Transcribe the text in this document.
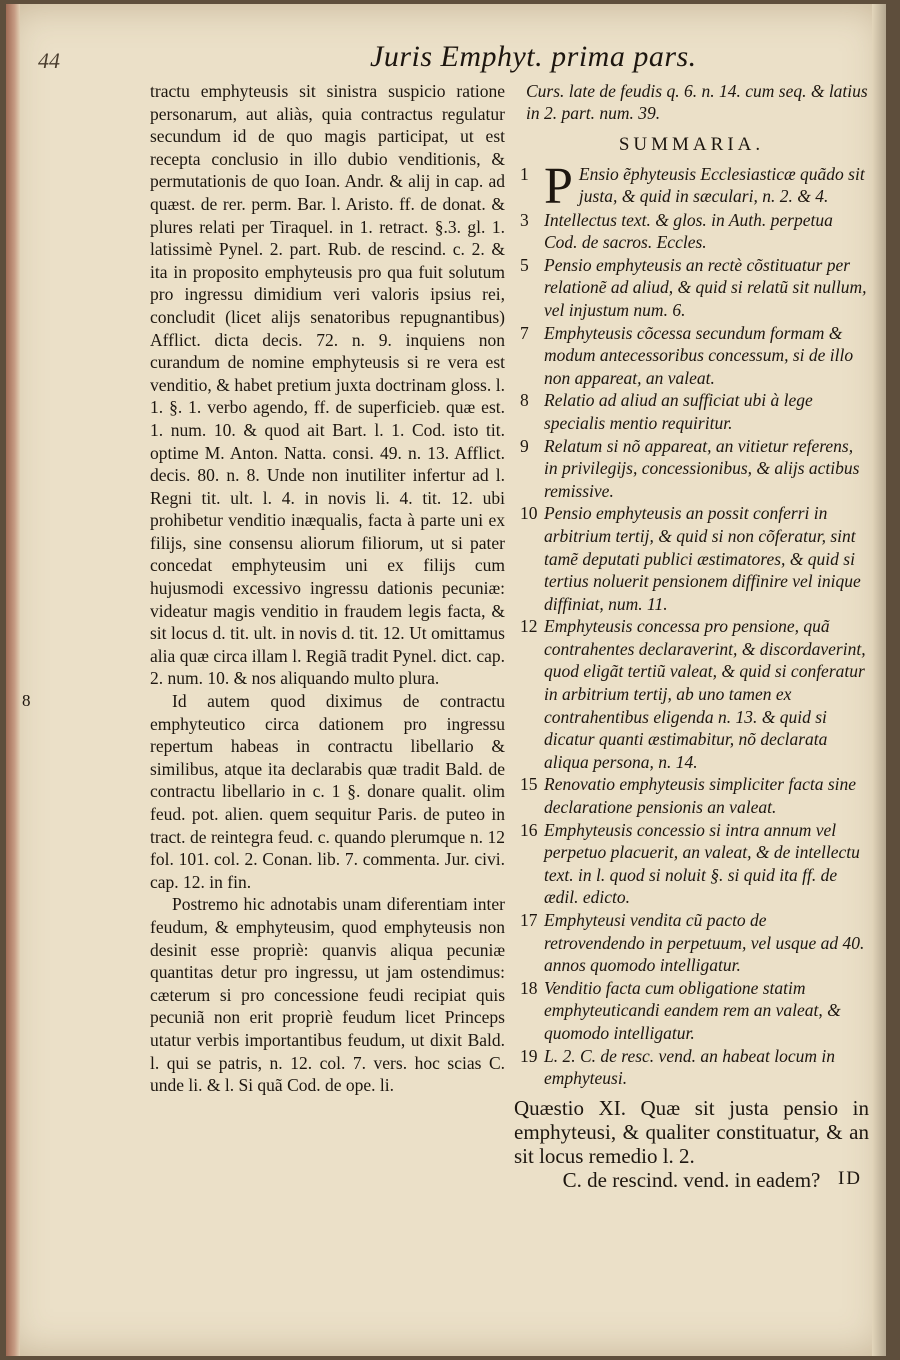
44	Juris Emphyt. prima pars.

tractu emphyteusis sit sinistra suspicio ratione personarum, aut aliàs, quia contractus regulatur secundum id de quo magis participat, ut est recepta conclusio in illo dubio venditionis, & permutationis de quo Ioan. Andr. & alij in cap. ad quæst. de rer. perm. Bar. l. Aristo. ff. de donat. & plures relati per Tiraquel. in 1. retract. §.3. gl. 1. latissimè Pynel. 2. part. Rub. de rescind. c. 2. & ita in proposito emphyteusis pro qua fuit solutum pro ingressu dimidium veri valoris ipsius rei, concludit (licet alijs senatoribus repugnantibus) Afflict. dicta decis. 72. n. 9. inquiens non curandum de nomine emphyteusis si re vera est venditio, & habet pretium juxta doctrinam gloss. l. 1. §. 1. verbo agendo, ff. de superficieb. quæ est. 1. num. 10. & quod ait Bart. l. 1. Cod. isto tit. optime M. Anton. Natta. consi. 49. n. 13. Afflict. decis. 80. n. 8. Unde non inutiliter infertur ad l. Regni tit. ult. l. 4. in novis li. 4. tit. 12. ubi prohibetur venditio inæqualis, facta à parte uni ex filijs, sine consensu aliorum filiorum, ut si pater concedat emphyteusim uni ex filijs cum hujusmodi excessivo ingressu dationis pecuniæ: videatur magis venditio in fraudem legis facta, & sit locus d. tit. ult. in novis d. tit. 12. Ut omittamus alia quæ circa illam l. Regiã tradit Pynel. dict. cap. 2. num. 10. & nos aliquando multo plura.

8	Id autem quod diximus de contractu emphyteutico circa dationem pro ingressu repertum habeas in contractu libellario & similibus, atque ita declarabis quæ tradit Bald. de contractu libellario in c. 1 §. donare qualit. olim feud. pot. alien. quem sequitur Paris. de puteo in tract. de reintegra feud. c. quando plerumque n. 12 fol. 101. col. 2. Conan. lib. 7. commenta. Jur. civi. cap. 12. in fin.

Postremo hic adnotabis unam diferentiam inter feudum, & emphyteusim, quod emphyteusis non desinit esse propriè: quanvis aliqua pecuniæ quantitas detur pro ingressu, ut jam ostendimus: cæterum si pro concessione feudi recipiat quis pecuniã non erit propriè feudum licet Princeps utatur verbis importantibus feudum, ut dixit Bald. l. qui se patris, n. 12. col. 7. vers. hoc scias C. unde li. & l. Si quã Cod. de ope. li.

Curs. late de feudis q. 6. n. 14. cum seq. & latius in 2. part. num. 39.

SUMMARIA.

1 P Ensio ẽphyteusis Ecclesiasticæ quãdo sit justa, & quid in sæculari, n. 2. & 4.

3 Intellectus text. & glos. in Auth. perpetua Cod. de sacros. Eccles.

5 Pensio emphyteusis an rectè cõstituatur per relationẽ ad aliud, & quid si relatũ sit nullum, vel injustum num. 6.

7 Emphyteusis cõcessa secundum formam & modum antecessoribus concessum, si de illo non appareat, an valeat.

8 Relatio ad aliud an sufficiat ubi à lege specialis mentio requiritur.

9 Relatum si nõ appareat, an vitietur referens, in privilegijs, concessionibus, & alijs actibus remissive.

10 Pensio emphyteusis an possit conferri in arbitrium tertij, & quid si non cõferatur, sint tamẽ deputati publici æstimatores, & quid si tertius noluerit pensionem diffinire vel inique diffiniat, num. 11.

12 Emphyteusis concessa pro pensione, quã contrahentes declaraverint, & discordaverint, quod eligãt tertiũ valeat, & quid si conferatur in arbitrium tertij, ab uno tamen ex contrahentibus eligenda n. 13. & quid si dicatur quanti æstimabitur, nõ declarata aliqua persona, n. 14.

15 Renovatio emphyteusis simpliciter facta sine declaratione pensionis an valeat.

16 Emphyteusis concessio si intra annum vel perpetuo placuerit, an valeat, & de intellectu text. in l. quod si noluit §. si quid ita ff. de ædil. edicto.

17 Emphyteusi vendita cũ pacto de retrovendendo in perpetuum, vel usque ad 40. annos quomodo intelligatur.

18 Venditio facta cum obligatione statim emphyteuticandi eandem rem an valeat, & quomodo intelligatur.

19 L. 2. C. de resc. vend. an habeat locum in emphyteusi.

Quæstio XI. Quæ sit justa pensio in emphyteusi, & qualiter constituatur, & an sit locus remedio l. 2.
C. de rescind. vend. in eadem? ID
